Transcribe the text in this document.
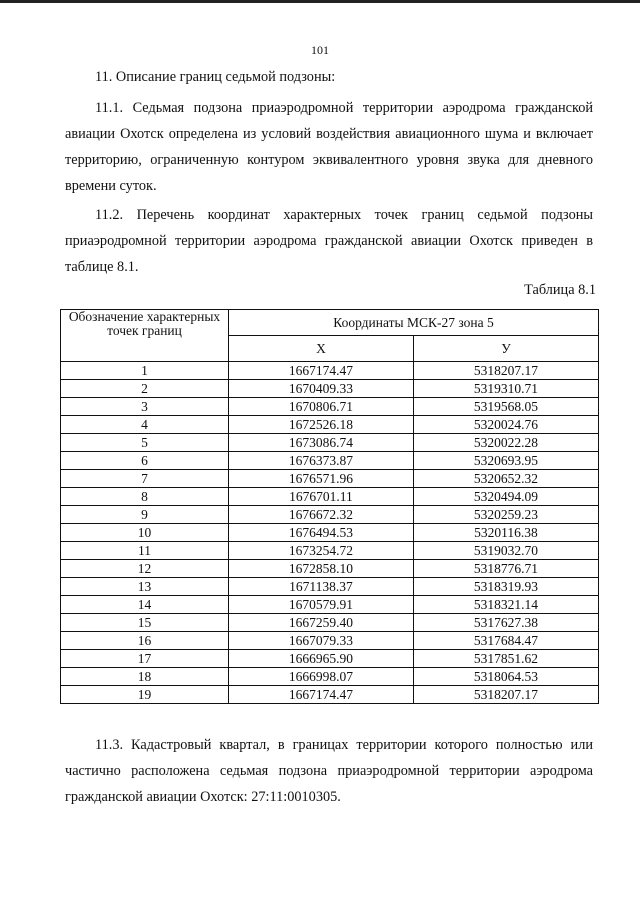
101

11. Описание границ седьмой подзоны:

11.1. Седьмая подзона приаэродромной территории аэродрома гражданской авиации Охотск определена из условий воздействия авиационного шума и включает территорию, ограниченную контуром эквивалентного уровня звука для дневного времени суток.

11.2. Перечень координат характерных точек границ седьмой подзоны приаэродромной территории аэродрома гражданской авиации Охотск приведен в таблице 8.1.

Таблица 8.1
Обозначение характерных точек границ	Координаты МСК-27 зона 5	
	X	У
1	1667174.47	5318207.17
2	1670409.33	5319310.71
3	1670806.71	5319568.05
4	1672526.18	5320024.76
5	1673086.74	5320022.28
6	1676373.87	5320693.95
7	1676571.96	5320652.32
8	1676701.11	5320494.09
9	1676672.32	5320259.23
10	1676494.53	5320116.38
11	1673254.72	5319032.70
12	1672858.10	5318776.71
13	1671138.37	5318319.93
14	1670579.91	5318321.14
15	1667259.40	5317627.38
16	1667079.33	5317684.47
17	1666965.90	5317851.62
18	1666998.07	5318064.53
19	1667174.47	5318207.17

11.3. Кадастровый квартал, в границах территории которого полностью или частично расположена седьмая подзона приаэродромной территории аэродрома гражданской авиации Охотск: 27:11:0010305.
